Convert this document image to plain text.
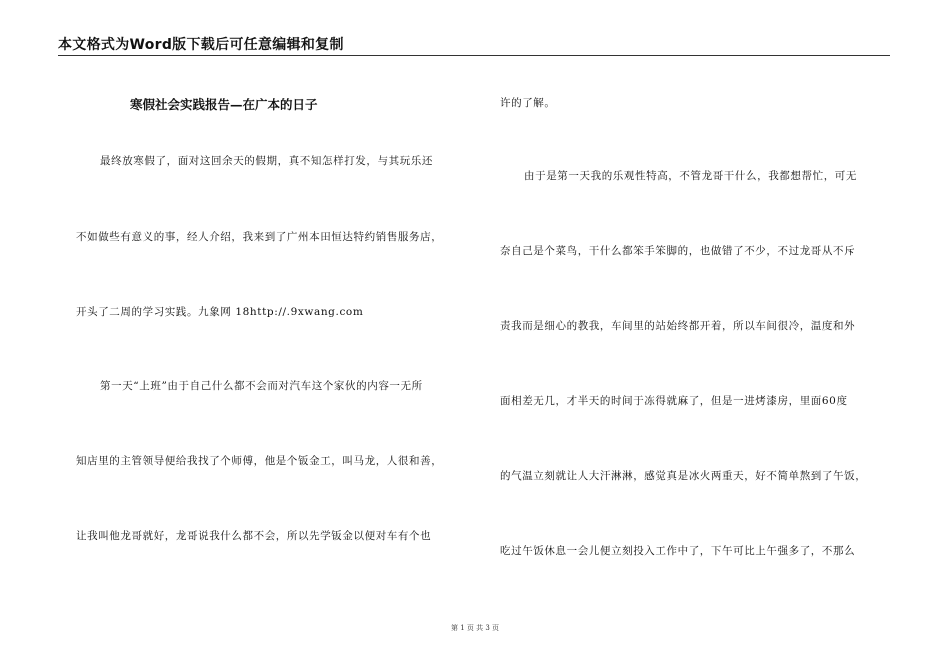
本文格式为Word版下载后可任意编辑和复制
寒假社会实践报告—在广本的日子
最终放寒假了，面对这回余天的假期，真不知怎样打发，与其玩乐还
不如做些有意义的事，经人介绍，我来到了广州本田恒达特约销售服务店，
开头了二周的学习实践。九象网 18http://.9xwang.com
第一天“上班”由于自己什么都不会而对汽车这个家伙的内容一无所
知店里的主管领导便给我找了个师傅，他是个钣金工，叫马龙，人很和善，
让我叫他龙哥就好，龙哥说我什么都不会，所以先学钣金以便对车有个也
许的了解。
由于是第一天我的乐观性特高，不管龙哥干什么，我都想帮忙，可无
奈自己是个菜鸟，干什么都笨手笨脚的，也做错了不少，不过龙哥从不斥
责我而是细心的教我，车间里的站始终都开着，所以车间很冷，温度和外
面相差无几，才半天的时间于冻得就麻了，但是一进烤漆房，里面60度
的气温立刻就让人大汗淋淋，感觉真是冰火两重天，好不简单熬到了午饭，
吃过午饭休息一会儿便立刻投入工作中了，下午可比上午强多了，不那么
第 1 页 共 3 页
